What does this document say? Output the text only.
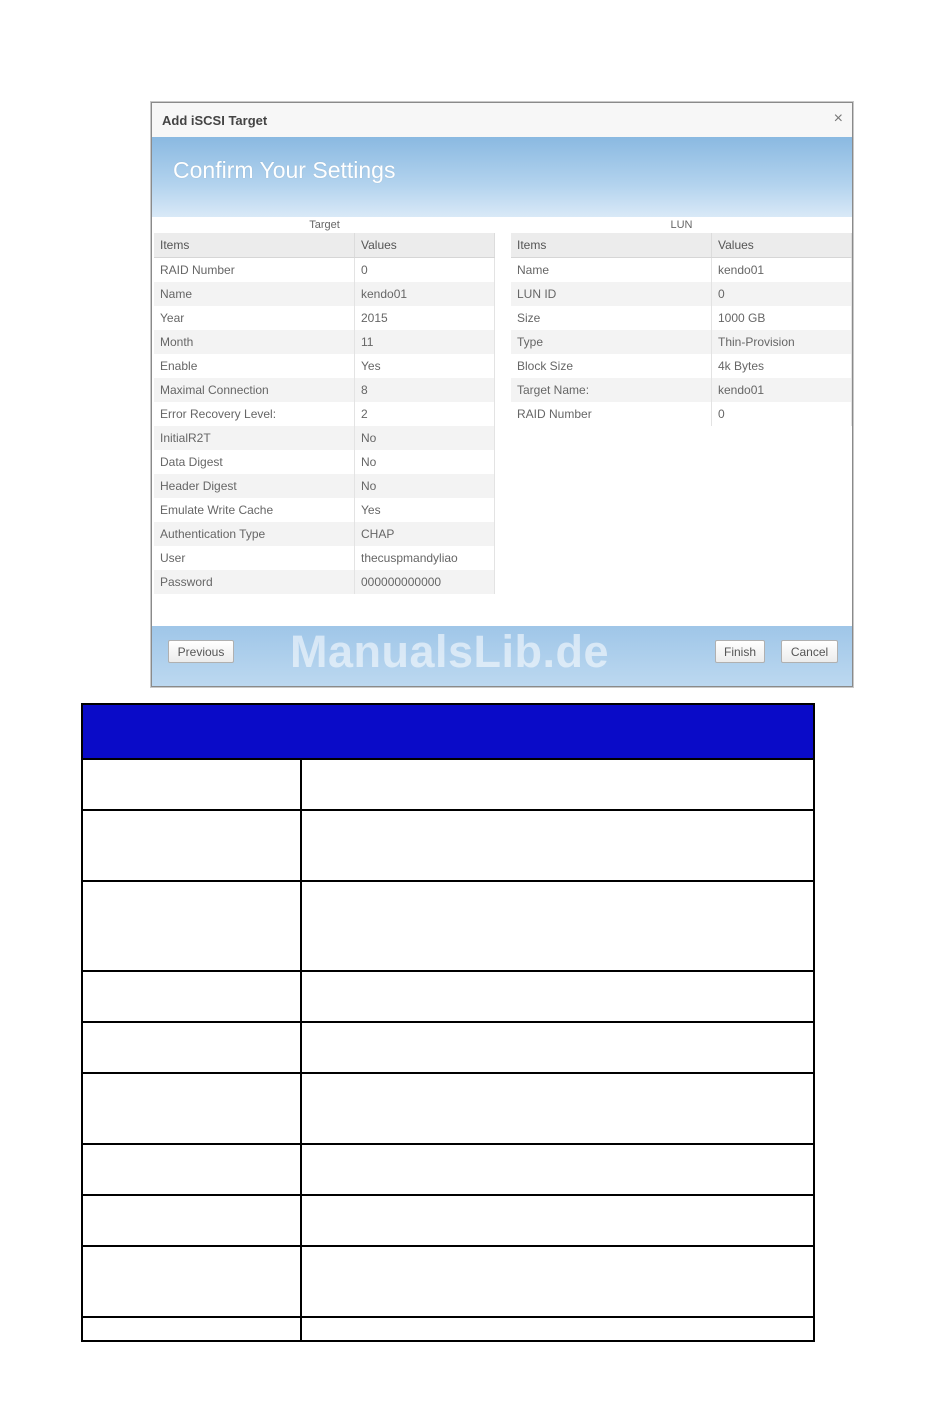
Add iSCSI Target	×
Confirm Your Settings
Target
Items	Values
RAID Number	0
Name	kendo01
Year	2015
Month	11
Enable	Yes
Maximal Connection	8
Error Recovery Level:	2
InitialR2T	No
Data Digest	No
Header Digest	No
Emulate Write Cache	Yes
Authentication Type	CHAP
User	thecuspmandyliao
Password	000000000000
LUN
Items	Values
Name	kendo01
LUN ID	0
Size	1000 GB
Type	Thin-Provision
Block Size	4k Bytes
Target Name:	kendo01
RAID Number	0
ManualsLib.de
Previous	Finish	Cancel
